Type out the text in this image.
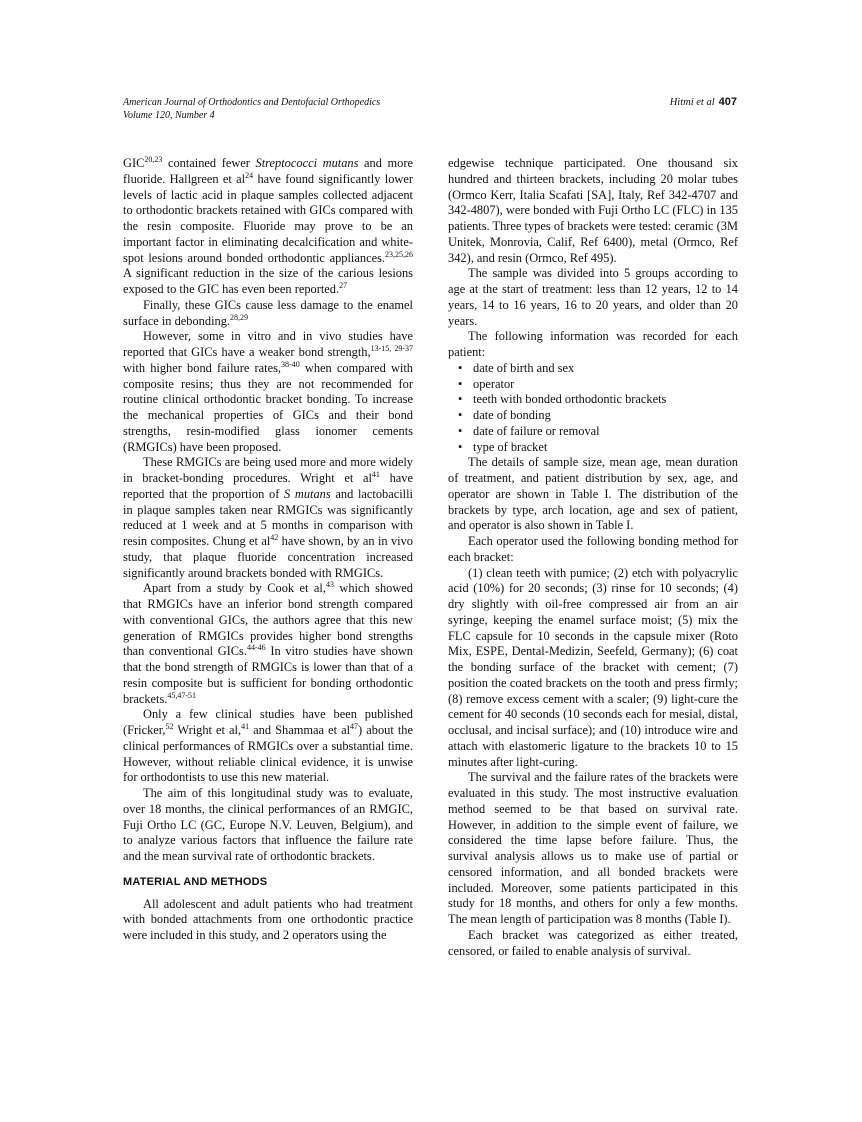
American Journal of Orthodontics and Dentofacial Orthopedics
Volume 120, Number 4
Hitmi et al 407

GIC$^{20,23}$ contained fewer Streptococci mutans and more fluoride. Hallgreen et $al^{24}$ have found significantly lower levels of lactic acid in plaque samples collected adjacent to orthodontic brackets retained with GICs compared with the resin composite. Fluoride may prove to be an important factor in eliminating decalcification and white-spot lesions around bonded orthodontic appliances.$^{23,25,26}$ A significant reduction in the size of the carious lesions exposed to the GIC has even been reported.$^{27}$

Finally, these GICs cause less damage to the enamel surface in debonding.$^{28,29}$

However, some in vitro and in vivo studies have reported that GICs have a weaker bond strength,$^{13-15, 29-37}$ with higher bond failure rates,$^{38-40}$ when compared with composite resins; thus they are not recommended for routine clinical orthodontic bracket bonding. To increase the mechanical properties of GICs and their bond strengths, resin-modified glass ionomer cements (RMGICs) have been proposed.

These RMGICs are being used more and more widely in bracket-bonding procedures. Wright et $al^{41}$ have reported that the proportion of S mutans and lactobacilli in plaque samples taken near RMGICs was significantly reduced at 1 week and at 5 months in comparison with resin composites. Chung et $al^{42}$ have shown, by an in vivo study, that plaque fluoride concentration increased significantly around brackets bonded with RMGICs.

Apart from a study by Cook et al,$^{43}$ which showed that RMGICs have an inferior bond strength compared with conventional GICs, the authors agree that this new generation of RMGICs provides higher bond strengths than conventional GICs.$^{44-46}$ In vitro studies have shown that the bond strength of RMGICs is lower than that of a resin composite but is sufficient for bonding orthodontic brackets.$^{45,47-51}$

Only a few clinical studies have been published (Fricker,$^{52}$ Wright et al,$^{41}$ and Shammaa et $al^{47}$) about the clinical performances of RMGICs over a substantial time. However, without reliable clinical evidence, it is unwise for orthodontists to use this new material.

The aim of this longitudinal study was to evaluate, over 18 months, the clinical performances of an RMGIC, Fuji Ortho LC (GC, Europe N.V. Leuven, Belgium), and to analyze various factors that influence the failure rate and the mean survival rate of orthodontic brackets.

MATERIAL AND METHODS

All adolescent and adult patients who had treatment with bonded attachments from one orthodontic practice were included in this study, and 2 operators using the

edgewise technique participated. One thousand six hundred and thirteen brackets, including 20 molar tubes (Ormco Kerr, Italia Scafati [SA], Italy, Ref 342-4707 and 342-4807), were bonded with Fuji Ortho LC (FLC) in 135 patients. Three types of brackets were tested: ceramic (3M Unitek, Monrovia, Calif, Ref 6400), metal (Ormco, Ref 342), and resin (Ormco, Ref 495).

The sample was divided into 5 groups according to age at the start of treatment: less than 12 years, 12 to 14 years, 14 to 16 years, 16 to 20 years, and older than 20 years.

The following information was recorded for each patient:

• date of birth and sex
• operator
• teeth with bonded orthodontic brackets
• date of bonding
• date of failure or removal
• type of bracket

The details of sample size, mean age, mean duration of treatment, and patient distribution by sex, age, and operator are shown in Table I. The distribution of the brackets by type, arch location, age and sex of patient, and operator is also shown in Table I.

Each operator used the following bonding method for each bracket:

(1) clean teeth with pumice; (2) etch with polyacrylic acid (10%) for 20 seconds; (3) rinse for 10 seconds; (4) dry slightly with oil-free compressed air from an air syringe, keeping the enamel surface moist; (5) mix the FLC capsule for 10 seconds in the capsule mixer (Roto Mix, ESPE, Dental-Medizin, Seefeld, Germany); (6) coat the bonding surface of the bracket with cement; (7) position the coated brackets on the tooth and press firmly; (8) remove excess cement with a scaler; (9) light-cure the cement for 40 seconds (10 seconds each for mesial, distal, occlusal, and incisal surface); and (10) introduce wire and attach with elastomeric ligature to the brackets 10 to 15 minutes after light-curing.

The survival and the failure rates of the brackets were evaluated in this study. The most instructive evaluation method seemed to be that based on survival rate. However, in addition to the simple event of failure, we considered the time lapse before failure. Thus, the survival analysis allows us to make use of partial or censored information, and all bonded brackets were included. Moreover, some patients participated in this study for 18 months, and others for only a few months. The mean length of participation was 8 months (Table I).

Each bracket was categorized as either treated, censored, or failed to enable analysis of survival.
